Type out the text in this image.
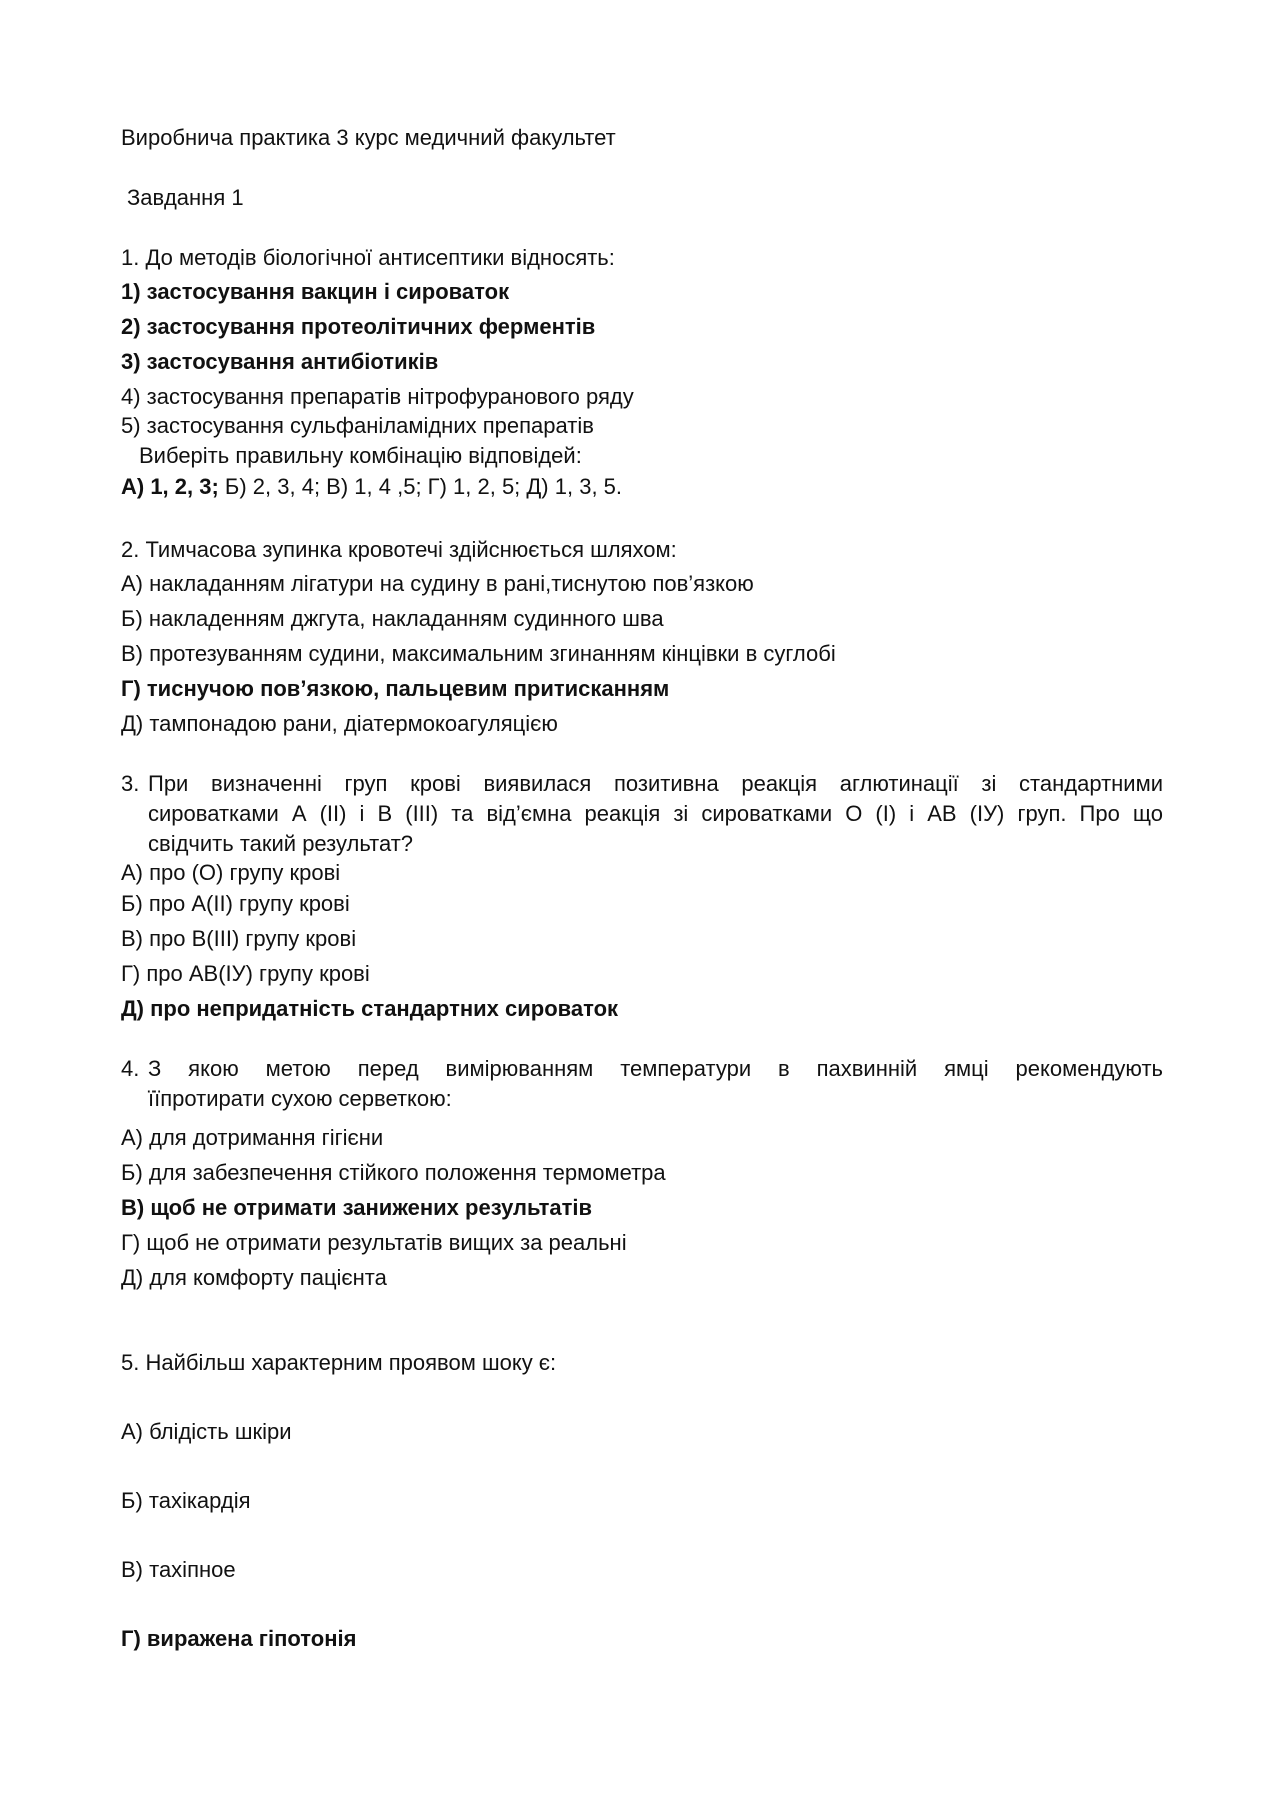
Виробнича практика 3 курс медичний факультет
Завдання 1
1. До методів біологічної антисептики відносять:
1) застосування вакцин і сироваток
2) застосування протеолітичних ферментів
3) застосування антибіотиків
4) застосування препаратів нітрофуранового ряду
5) застосування сульфаніламідних препаратів
Виберіть правильну комбінацію відповідей:
А) 1, 2, 3; Б) 2, 3, 4; В) 1, 4 ,5; Г) 1, 2, 5; Д) 1, 3, 5.
2. Тимчасова зупинка кровотечі здійснюється шляхом:
А) накладанням лігатури на судину в рані,тиснутою пов’язкою
Б) накладенням джгута, накладанням судинного шва
В) протезуванням судини, максимальним згинанням кінцівки в суглобі
Г) тиснучою пов’язкою, пальцевим притисканням
Д) тампонадою рани, діатермокоагуляцією
3. При визначенні груп крові виявилася позитивна реакція аглютинації зі стандартними
сироватками А (ІІ) і В (ІІІ) та від’ємна реакція зі сироватками О (І) і АВ (ІУ) груп. Про що
свідчить такий результат?
А) про (О) групу крові
Б) про А(ІІ) групу крові
В) про В(ІІІ) групу крові
Г) про АВ(ІУ) групу крові
Д) про непридатність стандартних сироваток
4. З якою метою перед вимірюванням температури в пахвинній ямці рекомендують
їїпротирати сухою серветкою:
А) для дотримання гігієни
Б) для забезпечення стійкого положення термометра
В) щоб не отримати занижених результатів
Г) щоб не отримати результатів вищих за реальні
Д) для комфорту пацієнта
5. Найбільш характерним проявом шоку є:
А) блідість шкіри
Б) тахікардія
В) тахіпное
Г) виражена гіпотонія
